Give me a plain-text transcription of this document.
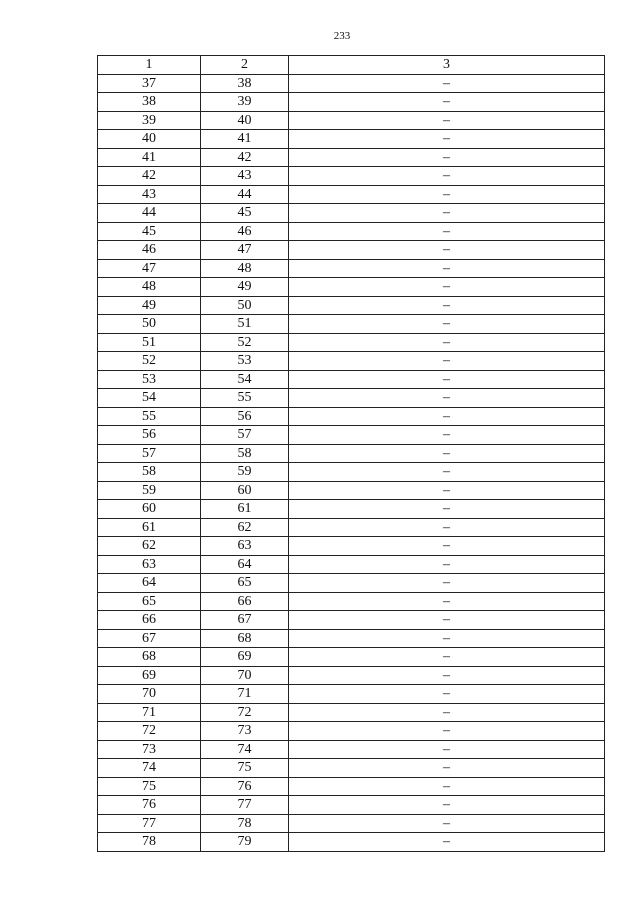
233
1	2	3
37	38	–
38	39	–
39	40	–
40	41	–
41	42	–
42	43	–
43	44	–
44	45	–
45	46	–
46	47	–
47	48	–
48	49	–
49	50	–
50	51	–
51	52	–
52	53	–
53	54	–
54	55	–
55	56	–
56	57	–
57	58	–
58	59	–
59	60	–
60	61	–
61	62	–
62	63	–
63	64	–
64	65	–
65	66	–
66	67	–
67	68	–
68	69	–
69	70	–
70	71	–
71	72	–
72	73	–
73	74	–
74	75	–
75	76	–
76	77	–
77	78	–
78	79	–
